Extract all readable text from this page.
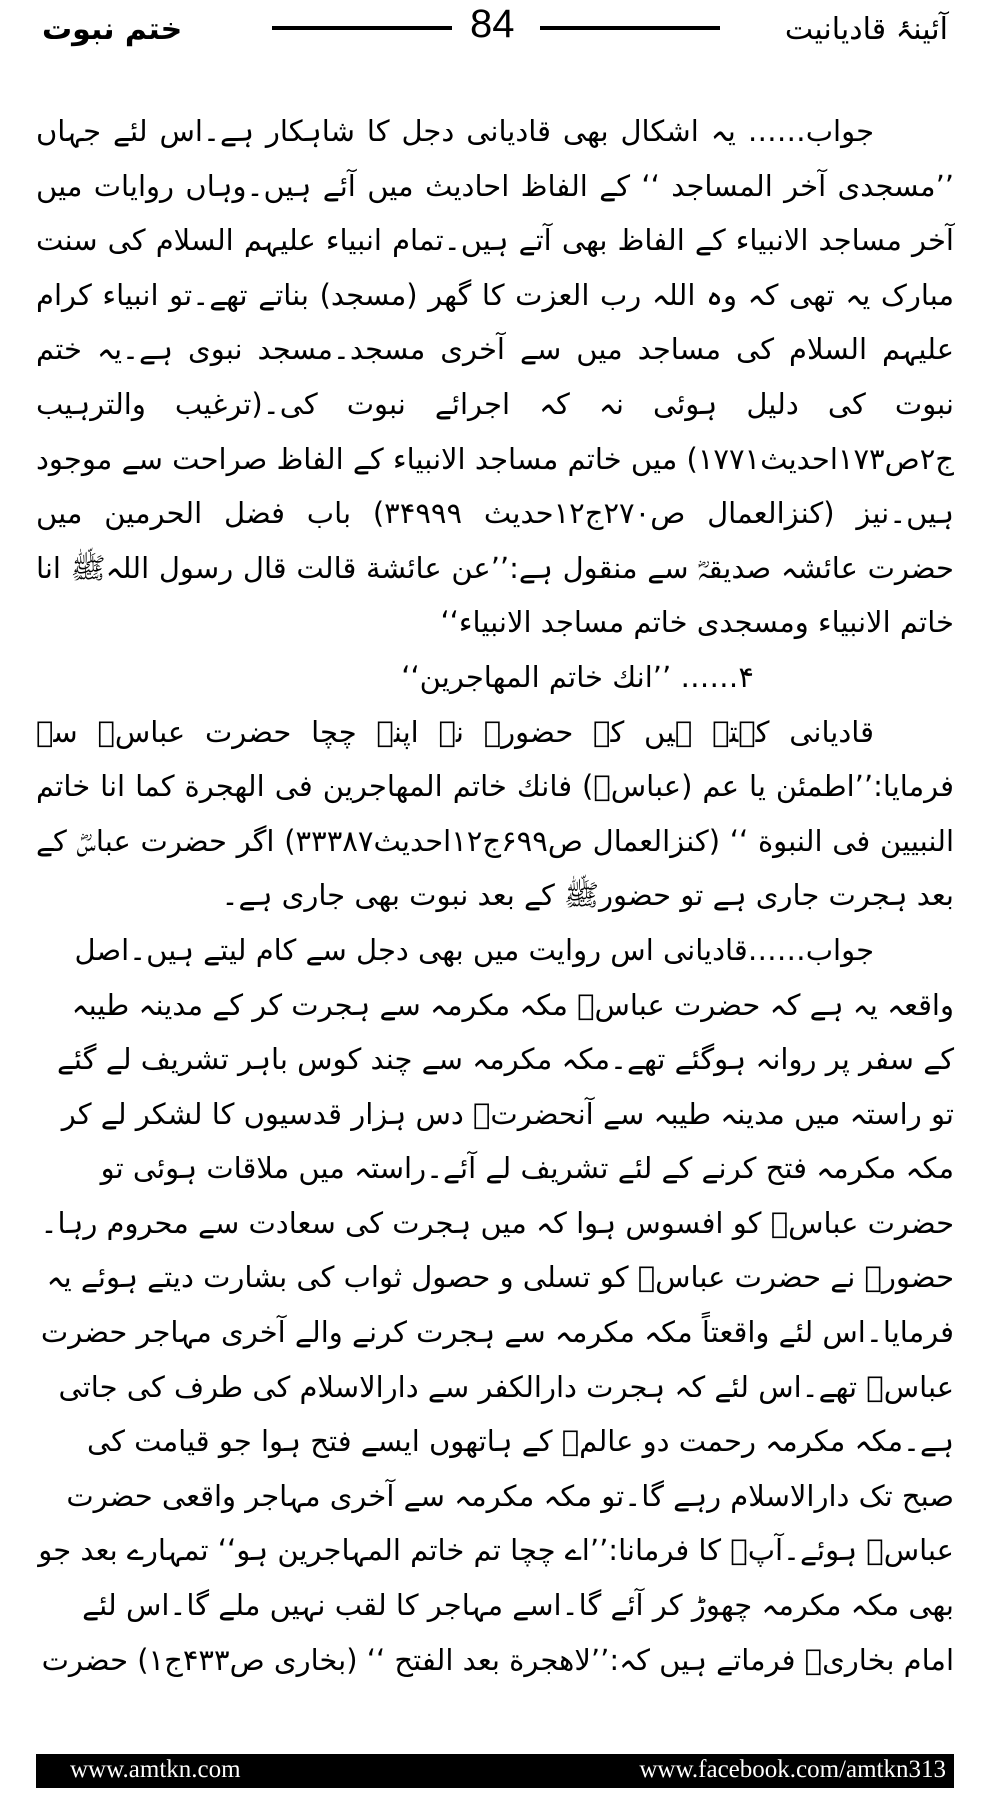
ختم نبوت	84	آئینۂ قادیانیت

جواب…… یہ اشکال بھی قادیانی دجل کا شاہکار ہے۔اس لئے جہاں ’’مسجدی آخر المساجد ‘‘ کے الفاظ احادیث میں آئے ہیں۔وہاں روایات میں آخر مساجد الانبیاء کے الفاظ بھی آتے ہیں۔تمام انبیاء علیہم السلام کی سنت مبارک یہ تھی کہ وہ اللہ رب العزت کا گھر (مسجد) بناتے تھے۔تو انبیاء کرام علیہم السلام کی مساجد میں سے آخری مسجد۔مسجد نبوی ہے۔یہ ختم نبوت کی دلیل ہوئی نہ کہ اجرائے نبوت کی۔(ترغیب والترہیب ج۲ص۱۷۳احدیث۱۷۷۱) میں خاتم مساجد الانبیاء کے الفاظ صراحت سے موجود ہیں۔نیز (کنزالعمال ص۲۷۰ج۱۲حدیث ۳۴۹۹۹) باب فضل الحرمین میں حضرت عائشہ صدیقہؓ سے منقول ہے:’’عن عائشة قالت قال رسول اللہﷺ انا خاتم الانبیاء ومسجدی خاتم مساجد الانبیاء‘‘

۴…… ’’انك خاتم المهاجرين‘‘

قادیانی کہتے ہیں کہ حضورﷺ نے اپنے چچا حضرت عباسؓ سے فرمایا:’’اطمئن یا عم (عباسؓ) فانك خاتم المهاجرين فى الهجرة كما انا خاتم النبيين فى النبوة ‘‘ (کنزالعمال ص۶۹۹ج۱۲احدیث۳۳۳۸۷) اگر حضرت عباسؓ کے بعد ہجرت جاری ہے تو حضورﷺ کے بعد نبوت بھی جاری ہے۔

جواب……قادیانی اس روایت میں بھی دجل سے کام لیتے ہیں۔اصل واقعہ یہ ہے کہ حضرت عباسؓ مکہ مکرمہ سے ہجرت کر کے مدینہ طیبہ کے سفر پر روانہ ہوگئے تھے۔مکہ مکرمہ سے چند کوس باہر تشریف لے گئے تو راستہ میں مدینہ طیبہ سے آنحضرتﷺ دس ہزار قدسیوں کا لشکر لے کر مکہ مکرمہ فتح کرنے کے لئے تشریف لے آئے۔راستہ میں ملاقات ہوئی تو حضرت عباسؓ کو افسوس ہوا کہ میں ہجرت کی سعادت سے محروم رہا۔حضورﷺ نے حضرت عباسؓ کو تسلی و حصول ثواب کی بشارت دیتے ہوئے یہ فرمایا۔اس لئے واقعتاً مکہ مکرمہ سے ہجرت کرنے والے آخری مہاجر حضرت عباسؓ تھے۔اس لئے کہ ہجرت دارالکفر سے دارالاسلام کی طرف کی جاتی ہے۔مکہ مکرمہ رحمت دو عالمﷺ کے ہاتھوں ایسے فتح ہوا جو قیامت کی صبح تک دارالاسلام رہے گا۔تو مکہ مکرمہ سے آخری مہاجر واقعی حضرت عباسؓ ہوئے۔آپﷺ کا فرمانا:’’اے چچا تم خاتم المہاجرین ہو‘‘ تمہارے بعد جو بھی مکہ مکرمہ چھوڑ کر آئے گا۔اسے مہاجر کا لقب نہیں ملے گا۔اس لئے امام بخاریؒ فرماتے ہیں کہ:’’لاهجرة بعد الفتح ‘‘ (بخاری ص۴۳۳ج۱) حضرت

www.amtkn.com	www.facebook.com/amtkn313
